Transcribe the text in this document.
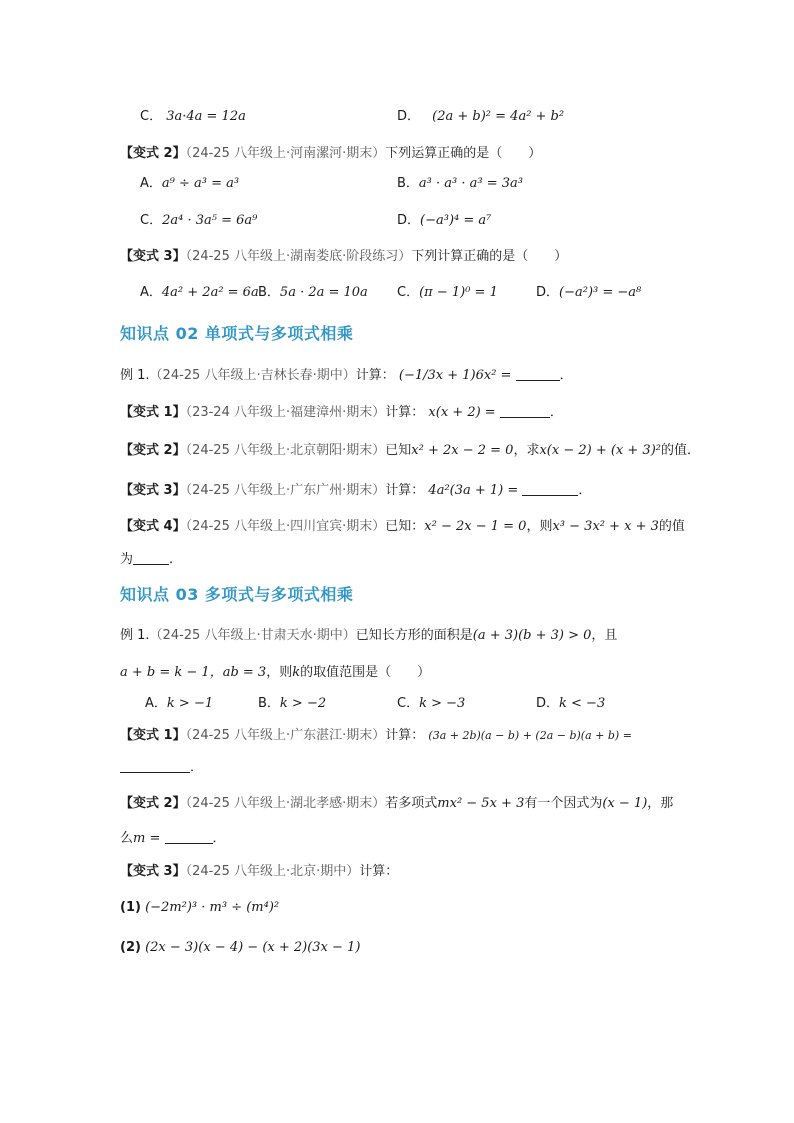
C． 3a·4a = 12a	D． (2a + b)² = 4a² + b²
【变式 2】（24-25 八年级上·河南漯河·期末）下列运算正确的是（　　）
A．a⁹ ÷ a³ = a³	B．a³ · a³ · a³ = 3a³
C．2a⁴ · 3a⁵ = 6a⁹	D．(−a³)⁴ = a⁷
【变式 3】（24-25 八年级上·湖南娄底·阶段练习）下列计算正确的是（　　）
A．4a² + 2a² = 6a B．5a · 2a = 10a C．(π − 1)⁰ = 1	D．(−a²)³ = −a⁸
知识点 02 单项式与多项式相乘
例 1.（24-25 八年级上·吉林长春·期中）计算： (−1/3x + 1)6x² =	．
【变式 1】（23-24 八年级上·福建漳州·期末）计算： x(x + 2) =	．
【变式 2】（24-25 八年级上·北京朝阳·期末）已知x² + 2x − 2 = 0，求x(x − 2) + (x + 3)²的值．
【变式 3】（24-25 八年级上·广东广州·期末）计算： 4a²(3a + 1) =	．
【变式 4】（24-25 八年级上·四川宜宾·期末）已知：x² − 2x − 1 = 0，则x³ − 3x² + x + 3的值
为	．
知识点 03 多项式与多项式相乘
例 1.（24-25 八年级上·甘肃天水·期中）已知长方形的面积是(a + 3)(b + 3) > 0，且
a + b = k − 1，ab = 3，则k的取值范围是（　　）
A．k > −1	B．k > −2	C．k > −3	D．k < −3
【变式 1】（24-25 八年级上·广东湛江·期末）计算： (3a + 2b)(a − b) + (2a − b)(a + b) =
．
【变式 2】（24-25 八年级上·湖北孝感·期末）若多项式mx² − 5x + 3有一个因式为(x − 1)，那
么m =	．
【变式 3】（24-25 八年级上·北京·期中）计算：
(1) (−2m²)³ · m³ ÷ (m⁴)²
(2) (2x − 3)(x − 4) − (x + 2)(3x − 1)
